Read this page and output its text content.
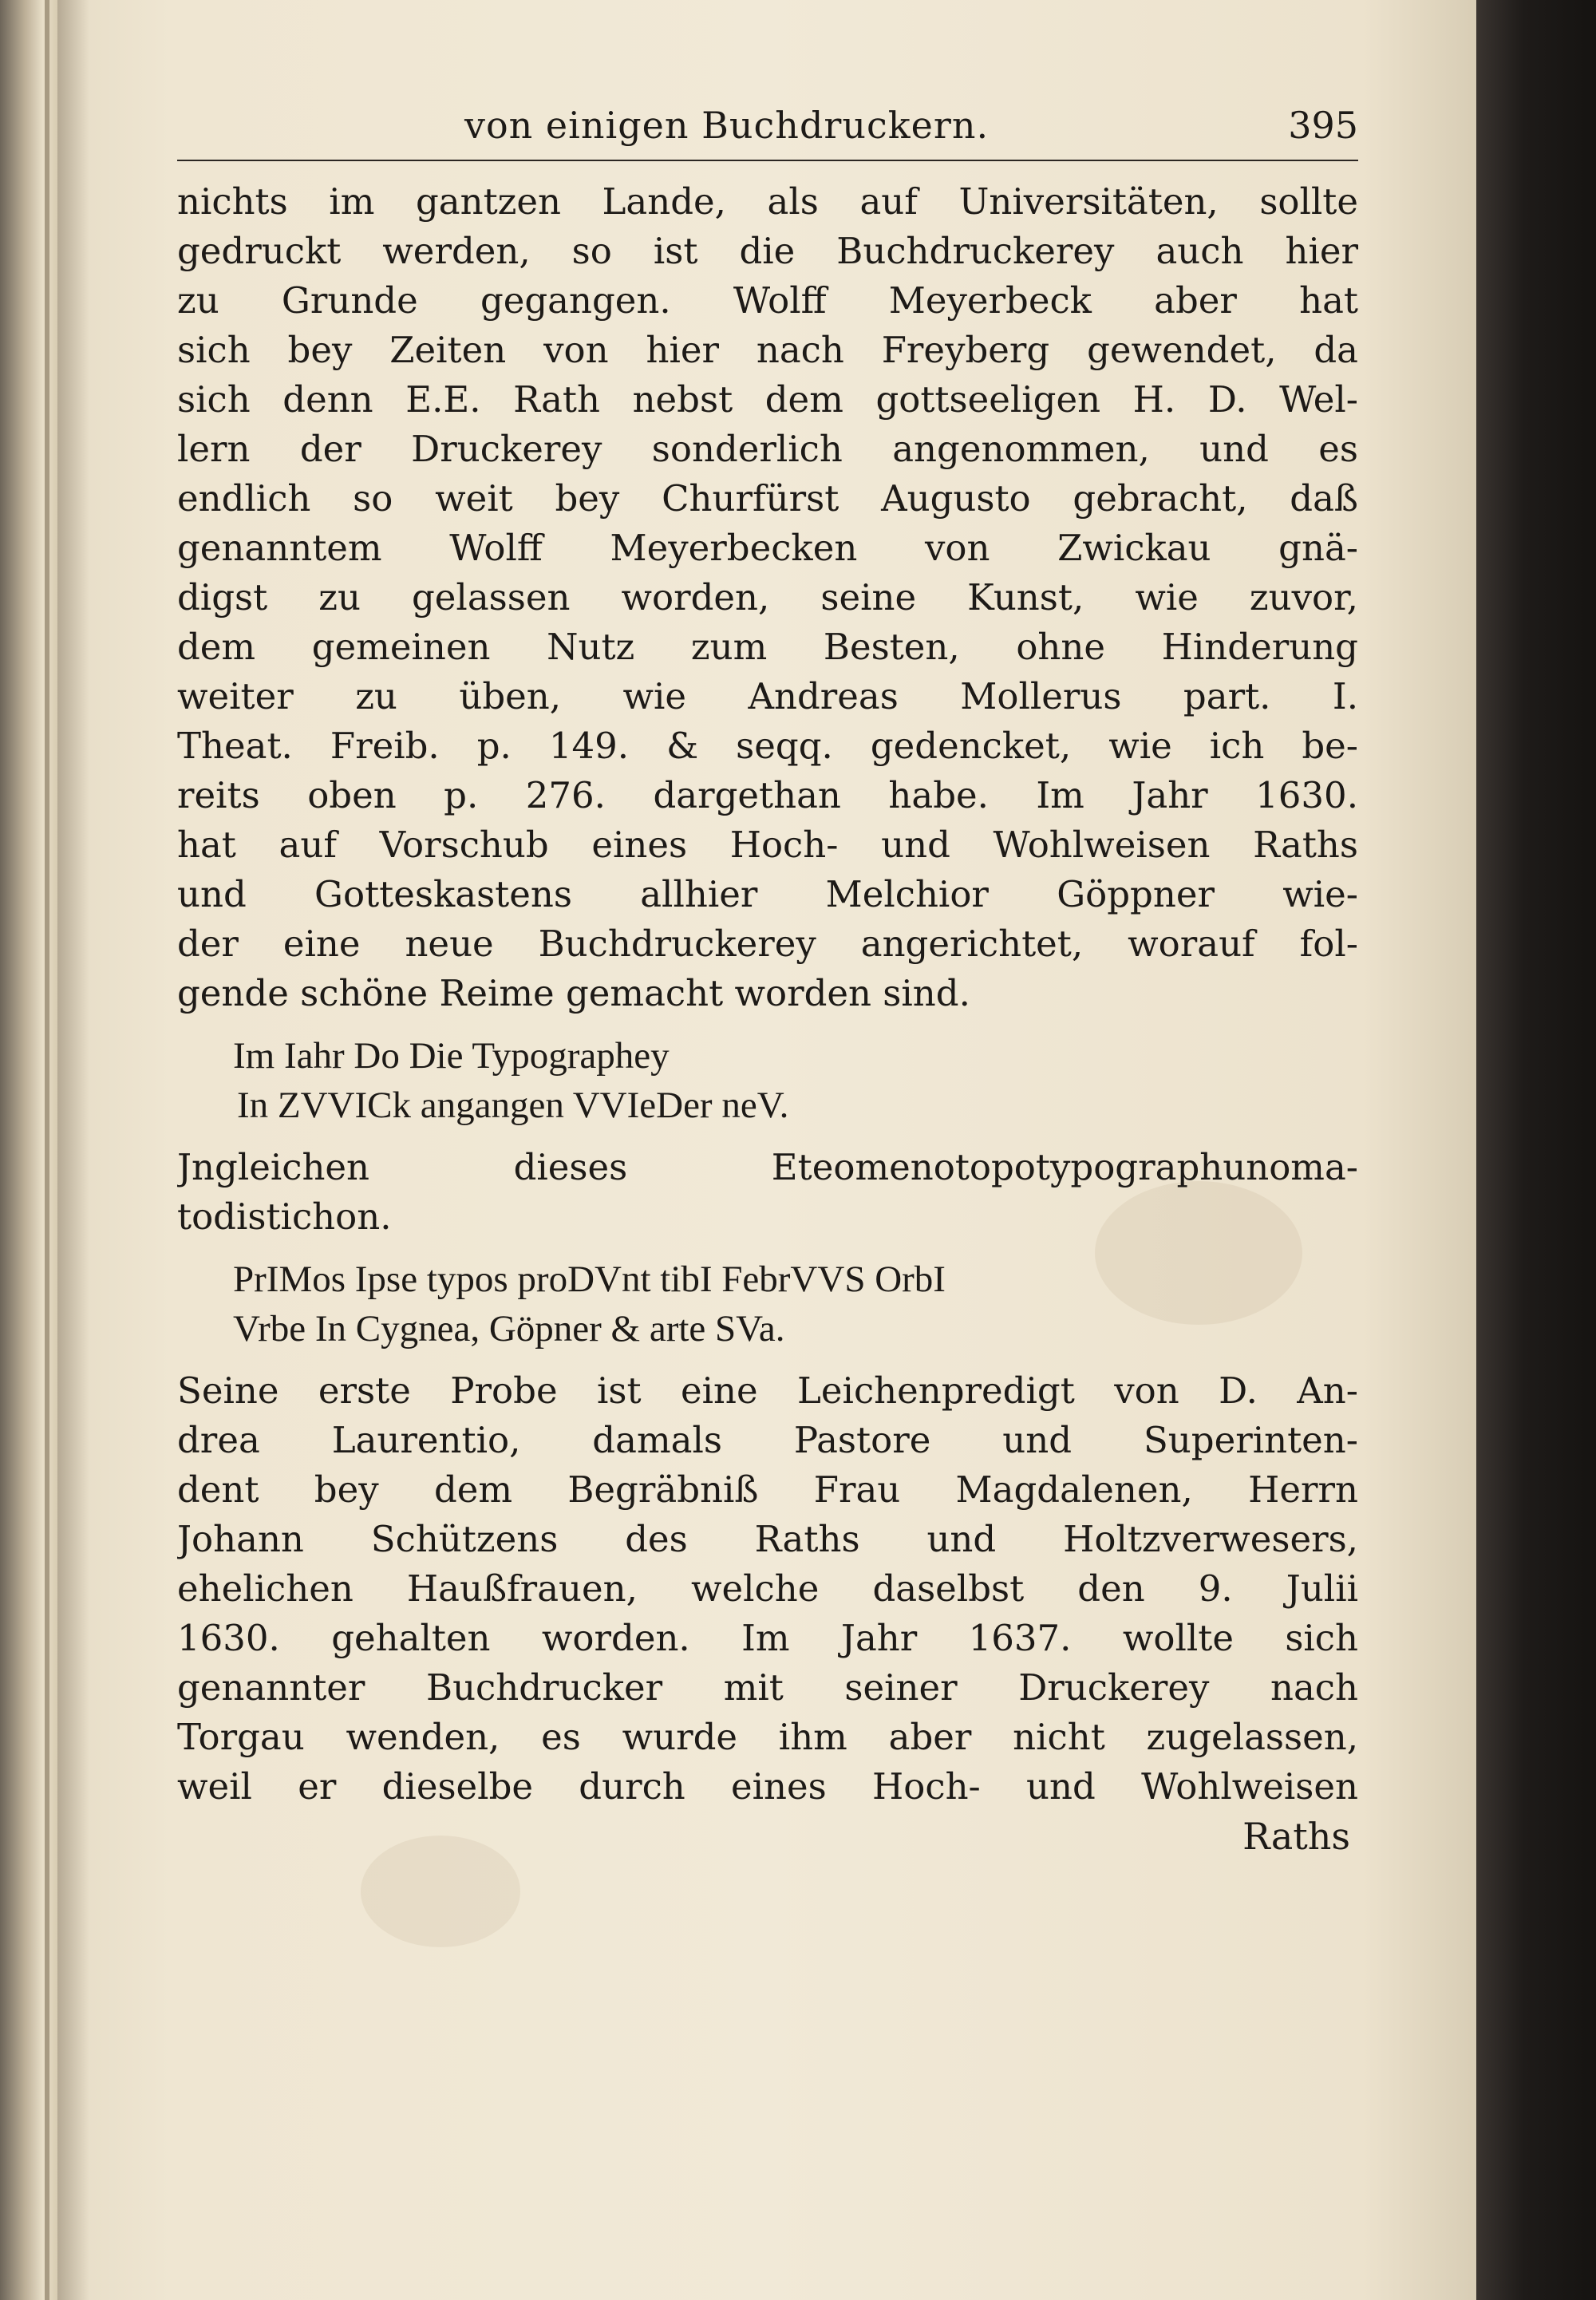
von einigen Buchdruckern.	395
nichts im gantzen Lande, als auf Universitäten, sollte
gedruckt werden, so ist die Buchdruckerey auch hier
zu Grunde gegangen. Wolff Meyerbeck aber hat
sich bey Zeiten von hier nach Freyberg gewendet, da
sich denn E.E. Rath nebst dem gottseeligen H. D. Wel-
lern der Druckerey sonderlich angenommen, und es
endlich so weit bey Churfürst Augusto gebracht, daß
genanntem Wolff Meyerbecken von Zwickau gnä-
digst zu gelassen worden, seine Kunst, wie zuvor,
dem gemeinen Nutz zum Besten, ohne Hinderung
weiter zu üben, wie Andreas Mollerus part. I.
Theat. Freib. p. 149. & seqq. gedencket, wie ich be-
reits oben p. 276. dargethan habe. Im Jahr 1630.
hat auf Vorschub eines Hoch- und Wohlweisen Raths
und Gotteskastens allhier Melchior Göppner wie-
der eine neue Buchdruckerey angerichtet, worauf fol-
gende schöne Reime gemacht worden sind.
Im Iahr Do Die Typographey
In ZVVICk angangen VVIeDer neV.
Jngleichen dieses Eteomenotopotypographunoma-
todistichon.
PrIMos Ipse typos proDVnt tibI FebrVVS OrbI
Vrbe In Cygnea, Göpner & arte SVa.
Seine erste Probe ist eine Leichenpredigt von D. An-
drea Laurentio, damals Pastore und Superinten-
dent bey dem Begräbniß Frau Magdalenen, Herrn
Johann Schützens des Raths und Holtzverwesers,
ehelichen Haußfrauen, welche daselbst den 9. Julii
1630. gehalten worden. Im Jahr 1637. wollte sich
genannter Buchdrucker mit seiner Druckerey nach
Torgau wenden, es wurde ihm aber nicht zugelassen,
weil er dieselbe durch eines Hoch- und Wohlweisen
Raths
